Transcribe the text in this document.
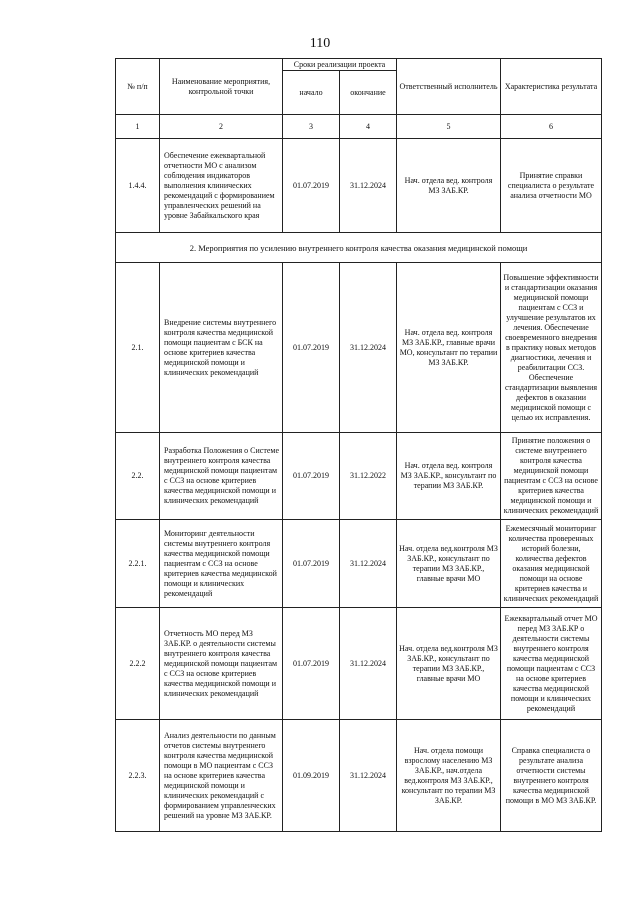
110
№ п/п	Наименование мероприятия, контрольной точки	Сроки реализации проекта		Ответственный исполнитель	Характеристика результата
		начало	окончание		
1	2	3	4	5	6
1.4.4.	Обеспечение ежеквартальной отчетности МО с анализом соблюдения индикаторов выполнения клинических рекомендаций с формированием управленческих решений на уровне Забайкальского края	01.07.2019	31.12.2024	Нач. отдела вед. контроля МЗ ЗАБ.КР.	Принятие справки специалиста о результате анализа отчетности МО
2. Мероприятия по усилению внутреннего контроля качества оказания медицинской помощи					
2.1.	Внедрение системы внутреннего контроля качества медицинской помощи пациентам с БСК на основе критериев качества медицинской помощи и клинических рекомендаций	01.07.2019	31.12.2024	Нач. отдела вед. контроля МЗ ЗАБ.КР., главные врачи МО, консультант по терапии МЗ ЗАБ.КР.	Повышение эффективности и стандартизации оказания медицинской помощи пациентам с ССЗ и улучшение результатов их лечения. Обеспечение своевременного внедрения в практику новых методов диагностики, лечения и реабилитации ССЗ. Обеспечение стандартизации выявления дефектов в оказании медицинской помощи с целью их исправления.
2.2.	Разработка Положения о Системе внутреннего контроля качества медицинской помощи пациентам с ССЗ на основе критериев качества медицинской помощи и клинических рекомендаций	01.07.2019	31.12.2022	Нач. отдела вед. контроля МЗ ЗАБ.КР., консультант по терапии МЗ ЗАБ.КР.	Принятие положения о системе внутреннего контроля качества медицинской помощи пациентам с ССЗ на основе критериев качества медицинской помощи и клинических рекомендаций
2.2.1.	Мониторинг деятельности системы внутреннего контроля качества медицинской помощи пациентам с ССЗ на основе критериев качества медицинской помощи и клинических рекомендаций	01.07.2019	31.12.2024	Нач. отдела вед.контроля МЗ ЗАБ.КР., консультант по терапии МЗ ЗАБ.КР., главные врачи МО	Ежемесячный мониторинг количества проверенных историй болезни, количества дефектов оказания медицинской помощи на основе критериев качества и клинических рекомендаций
2.2.2	Отчетность МО перед МЗ ЗАБ.КР. о деятельности системы внутреннего контроля качества медицинской помощи пациентам с ССЗ на основе критериев качества медицинской помощи и клинических рекомендаций	01.07.2019	31.12.2024	Нач. отдела вед.контроля МЗ ЗАБ.КР., консультант по терапии МЗ ЗАБ.КР., главные врачи МО	Ежеквартальный отчет МО перед МЗ ЗАБ.КР о деятельности системы внутреннего контроля качества медицинской помощи пациентам с ССЗ на основе критериев качества медицинской помощи и клинических рекомендаций
2.2.3.	Анализ деятельности по данным отчетов системы внутреннего контроля качества медицинской помощи в МО пациентам с ССЗ на основе критериев качества медицинской помощи и клинических рекомендаций с формированием управленческих решений на уровне МЗ ЗАБ.КР.	01.09.2019	31.12.2024	Нач. отдела помощи взрослому населению МЗ ЗАБ.КР., нач.отдела вед.контроля МЗ ЗАБ.КР., консультант по терапии МЗ ЗАБ.КР.	Справка специалиста о результате анализа отчетности системы внутреннего контроля качества медицинской помощи в МО МЗ ЗАБ.КР.
